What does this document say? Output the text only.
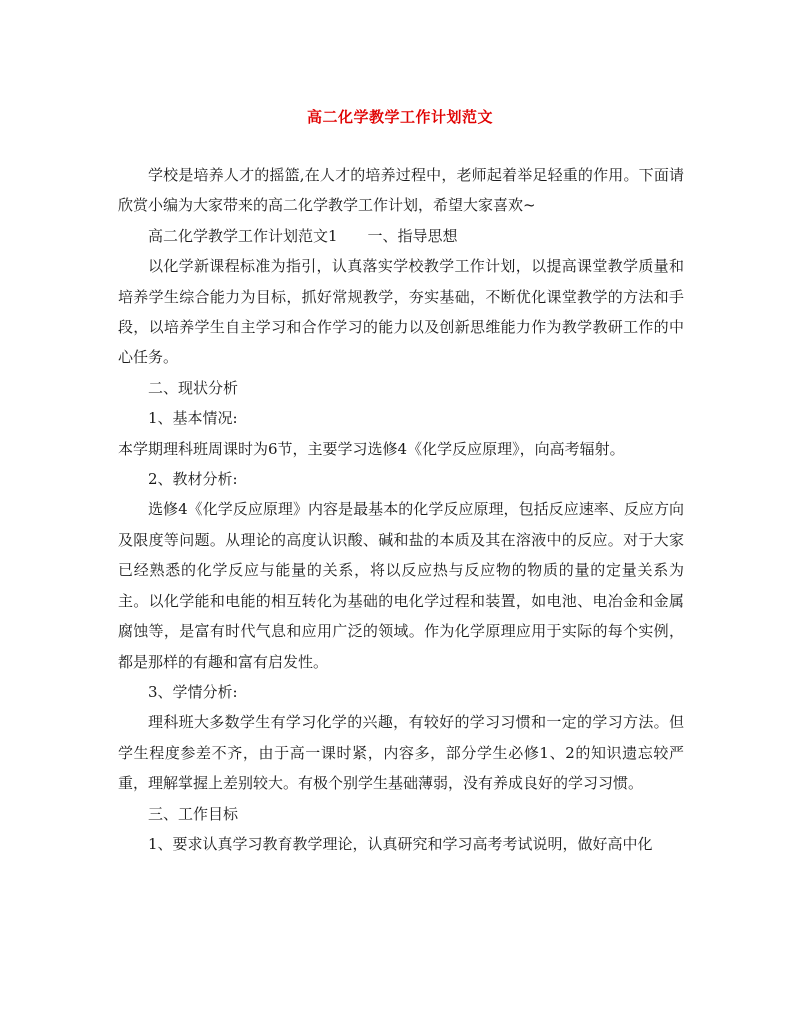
高二化学教学工作计划范文

学校是培养人才的摇篮,在人才的培养过程中，老师起着举足轻重的作用。下面请欣赏小编为大家带来的高二化学教学工作计划，希望大家喜欢~

高二化学教学工作计划范文1 一、指导思想

以化学新课程标准为指引，认真落实学校教学工作计划，以提高课堂教学质量和培养学生综合能力为目标，抓好常规教学，夯实基础，不断优化课堂教学的方法和手段，以培养学生自主学习和合作学习的能力以及创新思维能力作为教学教研工作的中心任务。

二、现状分析

1、基本情况:

本学期理科班周课时为6节，主要学习选修4《化学反应原理》，向高考辐射。

2、教材分析:

选修4《化学反应原理》内容是最基本的化学反应原理，包括反应速率、反应方向及限度等问题。从理论的高度认识酸、碱和盐的本质及其在溶液中的反应。对于大家已经熟悉的化学反应与能量的关系，将以反应热与反应物的物质的量的定量关系为主。以化学能和电能的相互转化为基础的电化学过程和装置，如电池、电冶金和金属腐蚀等，是富有时代气息和应用广泛的领域。作为化学原理应用于实际的每个实例，都是那样的有趣和富有启发性。

3、学情分析:

理科班大多数学生有学习化学的兴趣，有较好的学习习惯和一定的学习方法。但学生程度参差不齐，由于高一课时紧，内容多，部分学生必修1、2的知识遗忘较严重，理解掌握上差别较大。有极个别学生基础薄弱，没有养成良好的学习习惯。

三、工作目标

1、要求认真学习教育教学理论，认真研究和学习高考考试说明，做好高中化
